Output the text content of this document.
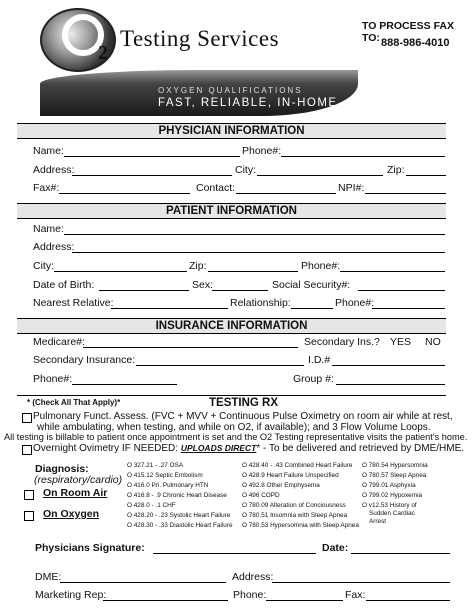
2
Testing Services
OXYGEN QUALIFICATIONS
FAST, RELIABLE, IN-HOME
TO PROCESS FAX TO: 888-986-4010
PHYSICIAN INFORMATION
Name:	Phone#:
Address:	City:	Zip:
Fax#:	Contact:	NPI#:
PATIENT INFORMATION
Name:
Address:
City:	Zip:	Phone#:
Date of Birth:	Sex:	Social Security#:
Nearest Relative:	Relationship:	Phone#:
INSURANCE INFORMATION
Medicare#:	Secondary Ins.? YES NO
Secondary Insurance:	I.D.#
Phone#:	Group #:
* (Check All That Apply)*	TESTING RX
Pulmonary Funct. Assess. (FVC + MVV + Continuous Pulse Oximetry on room air while at rest,
while ambulating, when testing, and while on O2, if available); and 3 Flow Volume Loops.
All testing is billable to patient once appointment is set and the O2 Testing representative visits the patient's home.
Overnight Ovimetry IF NEEDED: UPLOADS DIRECT* - To be delivered and retrieved by DME/HME.
Diagnosis:
(respiratory/cardio)
On Room Air
On Oxygen
O 327.21 - .27 OSA
O 415.12 Septic Embolism
O 416.0 Pri. Pulmonary HTN
O 416.8 - .9 Chronic Heart Disease
O 428.0 - .1 CHF
O 428.20 - .23 Systolic Heart Failure
O 428.30 - .33 Diastolic Heart Failure
O 428.40 - .43 Combined Heart Failure
O 428.9 Heart Failure Unspecified
O 492.8 Other Emphysema
O 496 COPD
O 780.09 Alteration of Conciousness
O 780.51 Insomnia with Sleep Apnea
O 780.53 Hypersomnia with Sleep Apnea
O 780.54 Hypersomnia
O 780.57 Sleep Apnea
O 799.01 Asphyxia
O 799.02 Hypoxemia
O v12.53 History of
Sudden Cardiac
Arrest
Physicians Signature:	Date:
DME:	Address:
Marketing Rep:	Phone:	Fax:
